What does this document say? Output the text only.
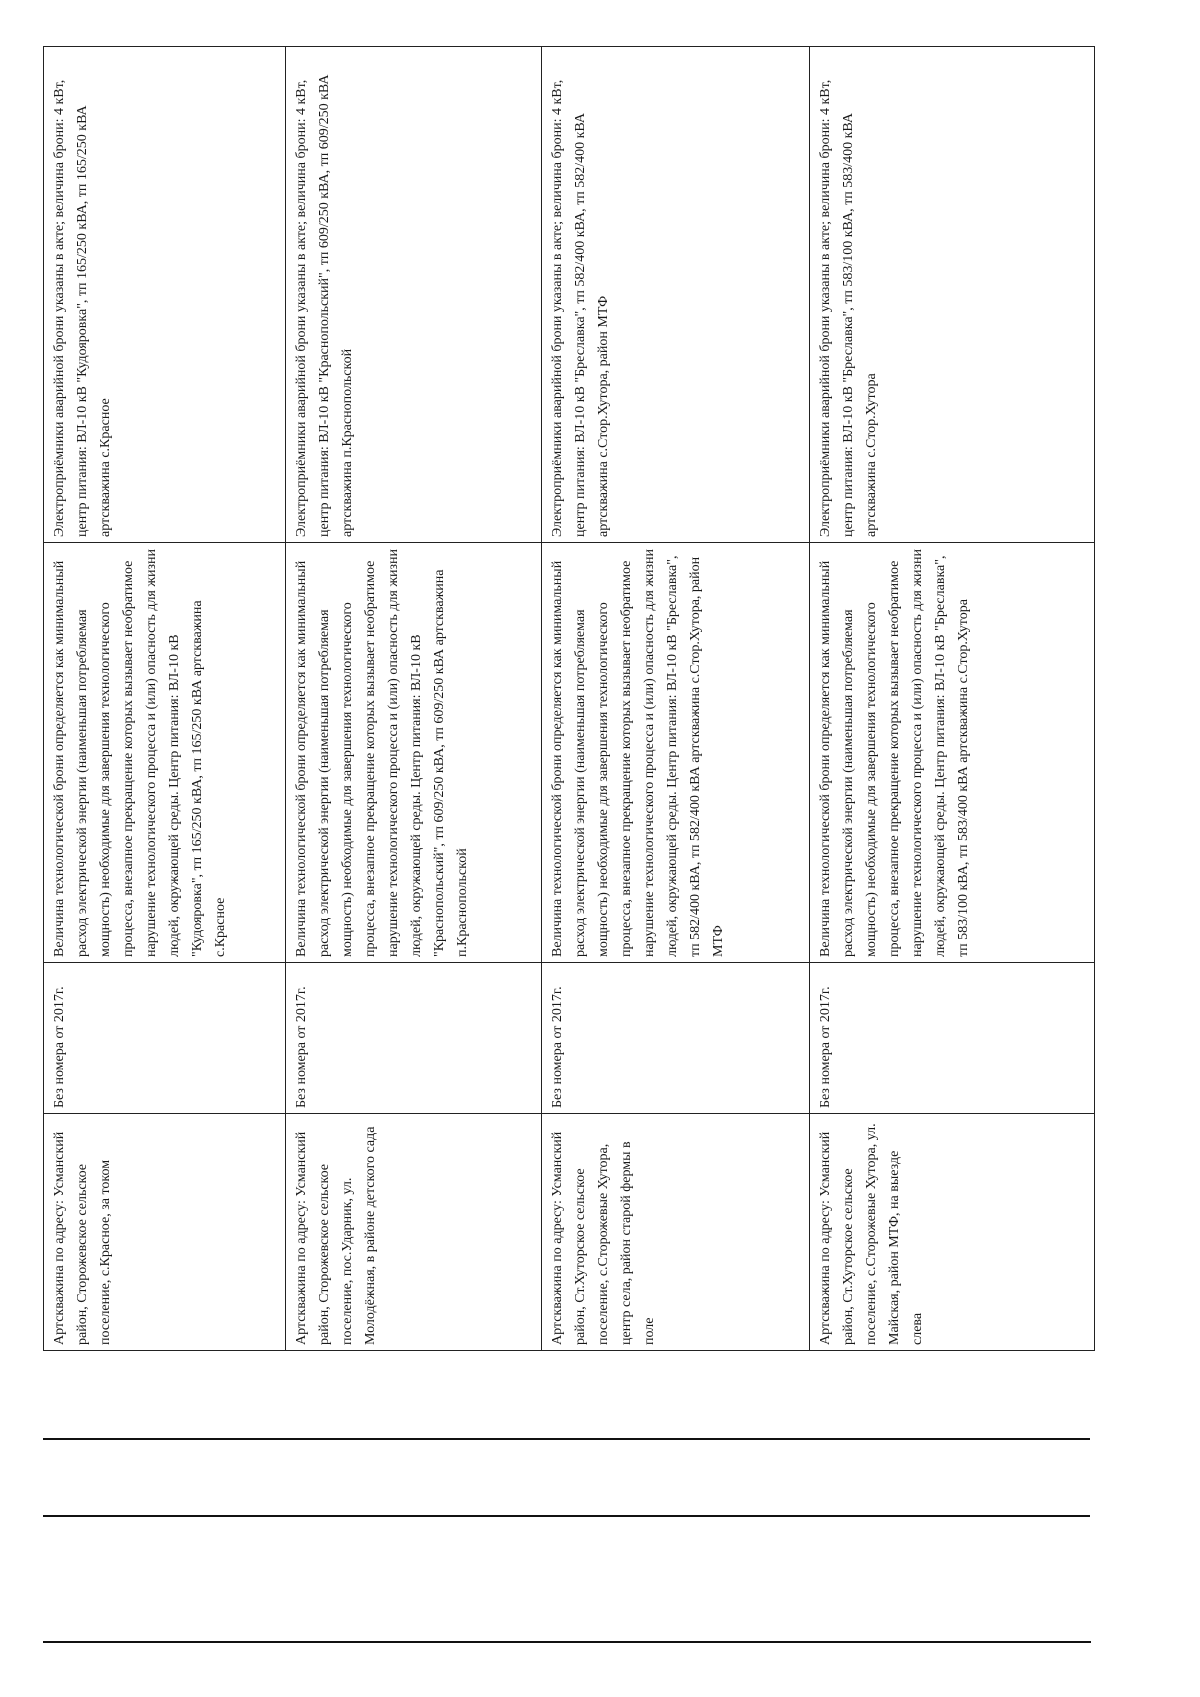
Артскважина по адресу: Усманский район, Сторожевское сельское поселение, с.Красное, за током	Без номера от 2017г.	Величина технологической брони определяется как минимальный расход электрической энергии (наименьшая потребляемая мощность) необходимые для завершения технологического процесса, внезапное прекращение которых вызывает необратимое нарушение технологического процесса и (или) опасность для жизни людей, окружающей среды. Центр питания: ВЛ-10 кВ "Кудояровка", тп 165/250 кВА, тп 165/250 кВА артскважина с.Красное	Электроприёмники аварийной брони указаны в акте; величина брони: 4 кВт, центр питания: ВЛ-10 кВ "Кудояровка", тп 165/250 кВА, тп 165/250 кВА артскважина с.Красное
Артскважина по адресу: Усманский район, Сторожевское сельское поселение, пос.Ударник, ул. Молодёжная, в районе детского сада	Без номера от 2017г.	Величина технологической брони определяется как минимальный расход электрической энергии (наименьшая потребляемая мощность) необходимые для завершения технологического процесса, внезапное прекращение которых вызывает необратимое нарушение технологического процесса и (или) опасность для жизни людей, окружающей среды. Центр питания: ВЛ-10 кВ "Краснопольский", тп 609/250 кВА, тп 609/250 кВА артскважина п.Краснопольской	Электроприёмники аварийной брони указаны в акте; величина брони: 4 кВт, центр питания: ВЛ-10 кВ "Краснопольский", тп 609/250 кВА, тп 609/250 кВА артскважина п.Краснопольской
Артскважина по адресу: Усманский район, Ст.Хуторское сельское поселение, с.Сторожевые Хутора, центр села, район старой фермы в поле	Без номера от 2017г.	Величина технологической брони определяется как минимальный расход электрической энергии (наименьшая потребляемая мощность) необходимые для завершения технологического процесса, внезапное прекращение которых вызывает необратимое нарушение технологического процесса и (или) опасность для жизни людей, окружающей среды. Центр питания: ВЛ-10 кВ "Бреславка", тп 582/400 кВА, тп 582/400 кВА артскважина с.Стор.Хутора, район МТФ	Электроприёмники аварийной брони указаны в акте; величина брони: 4 кВт, центр питания: ВЛ-10 кВ "Бреславка", тп 582/400 кВА, тп 582/400 кВА артскважина с.Стор.Хутора, район МТФ
Артскважина по адресу: Усманский район, Ст.Хуторское сельское поселение, с.Сторожевые Хутора, ул. Майская, район МТФ, на выезде слева	Без номера от 2017г.	Величина технологической брони определяется как минимальный расход электрической энергии (наименьшая потребляемая мощность) необходимые для завершения технологического процесса, внезапное прекращение которых вызывает необратимое нарушение технологического процесса и (или) опасность для жизни людей, окружающей среды. Центр питания: ВЛ-10 кВ "Бреславка", тп 583/100 кВА, тп 583/400 кВА артскважина с.Стор.Хутора	Электроприёмники аварийной брони указаны в акте; величина брони: 4 кВт, центр питания: ВЛ-10 кВ "Бреславка", тп 583/100 кВА, тп 583/400 кВА артскважина с.Стор.Хутора
